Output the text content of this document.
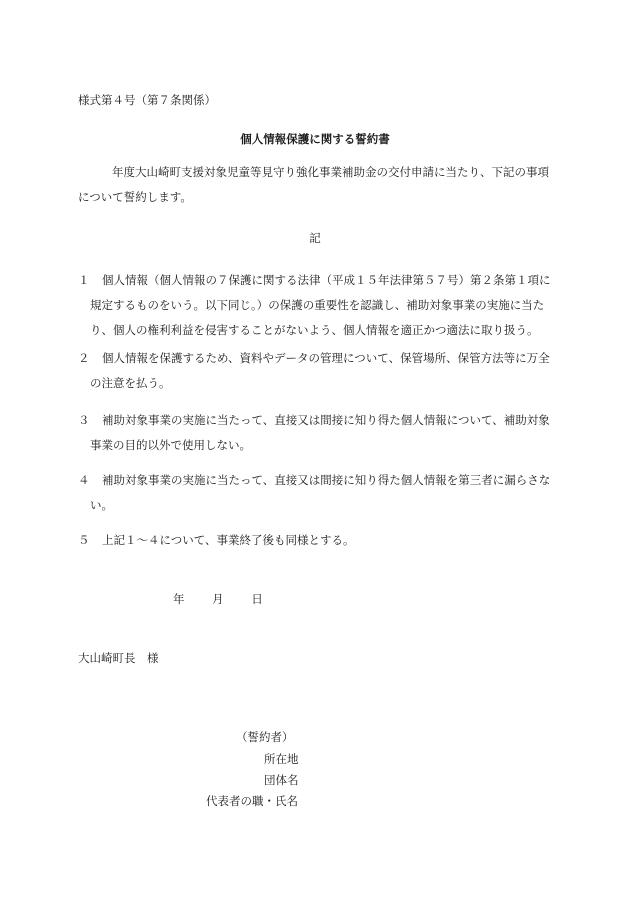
様式第４号（第７条関係）
個人情報保護に関する誓約書
年度大山崎町支援対象児童等見守り強化事業補助金の交付申請に当たり、下記の事項について誓約します。
記
１	個人情報（個人情報の７保護に関する法律（平成１５年法律第５７号）第２条第１項に規定するものをいう。以下同じ。）の保護の重要性を認識し、補助対象事業の実施に当たり、個人の権利利益を侵害することがないよう、個人情報を適正かつ適法に取り扱う。
２	個人情報を保護するため、資料やデータの管理について、保管場所、保管方法等に万全の注意を払う。
３	補助対象事業の実施に当たって、直接又は間接に知り得た個人情報について、補助対象事業の目的以外で使用しない。
４	補助対象事業の実施に当たって、直接又は間接に知り得た個人情報を第三者に漏らさない。
５	上記１～４について、事業終了後も同様とする。
年 月 日
大山崎町長　様
（誓約者）
所在地
団体名
代表者の職・氏名
